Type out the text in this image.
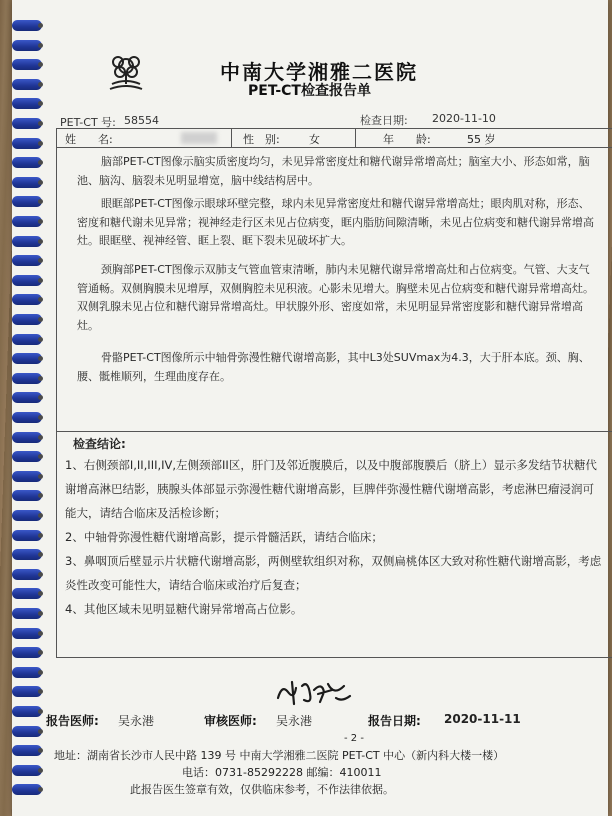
中南大学湘雅二医院
PET-CT检查报告单
PET-CT 号: 58554	检查日期: 2020-11-10
姓　　名:	性　别:	女	年　　龄:	55 岁
脑部PET-CT图像示脑实质密度均匀，未见异常密度灶和糖代谢异常增高灶；脑室大小、形态如常，脑池、脑沟、脑裂未见明显增宽，脑中线结构居中。
眼眶部PET-CT图像示眼球环壁完整，球内未见异常密度灶和糖代谢异常增高灶；眼肉肌对称，形态、密度和糖代谢未见异常；视神经走行区未见占位病变，眶内脂肪间隙清晰，未见占位病变和糖代谢异常增高灶。眼眶壁、视神经管、眶上裂、眶下裂未见破坏扩大。
颈胸部PET-CT图像示双肺支气管血管束清晰，肺内未见糖代谢异常增高灶和占位病变。气管、大支气管通畅。双侧胸膜未见增厚，双侧胸腔未见积液。心影未见增大。胸壁未见占位病变和糖代谢异常增高灶。双侧乳腺未见占位和糖代谢异常增高灶。甲状腺外形、密度如常，未见明显异常密度影和糖代谢异常增高灶。
骨骼PET-CT图像所示中轴骨弥漫性糖代谢增高影，其中L3处SUVmax为4.3，大于肝本底。颈、胸、腰、骶椎顺列，生理曲度存在。
检查结论:
1、右侧颈部I,II,III,IV,左侧颈部II区，肝门及邻近腹膜后，以及中腹部腹膜后（脐上）显示多发结节状糖代谢增高淋巴结影，胰腺头体部显示弥漫性糖代谢增高影，巨脾伴弥漫性糖代谢增高影，考虑淋巴瘤浸润可能大，请结合临床及活检诊断；
2、中轴骨弥漫性糖代谢增高影，提示骨髓活跃，请结合临床；
3、鼻咽顶后壁显示片状糖代谢增高影，两侧壁软组织对称，双侧扁桃体区大致对称性糖代谢增高影，考虑炎性改变可能性大，请结合临床或治疗后复查；
4、其他区域未见明显糖代谢异常增高占位影。
报告医师: 吴永港	审核医师: 吴永港	报告日期: 2020-11-11
- 2 -
地址：湖南省长沙市人民中路 139 号 中南大学湘雅二医院 PET-CT 中心（新内科大楼一楼）
电话：0731-85292228 邮编：410011
此报告医生签章有效，仅供临床参考，不作法律依据。
